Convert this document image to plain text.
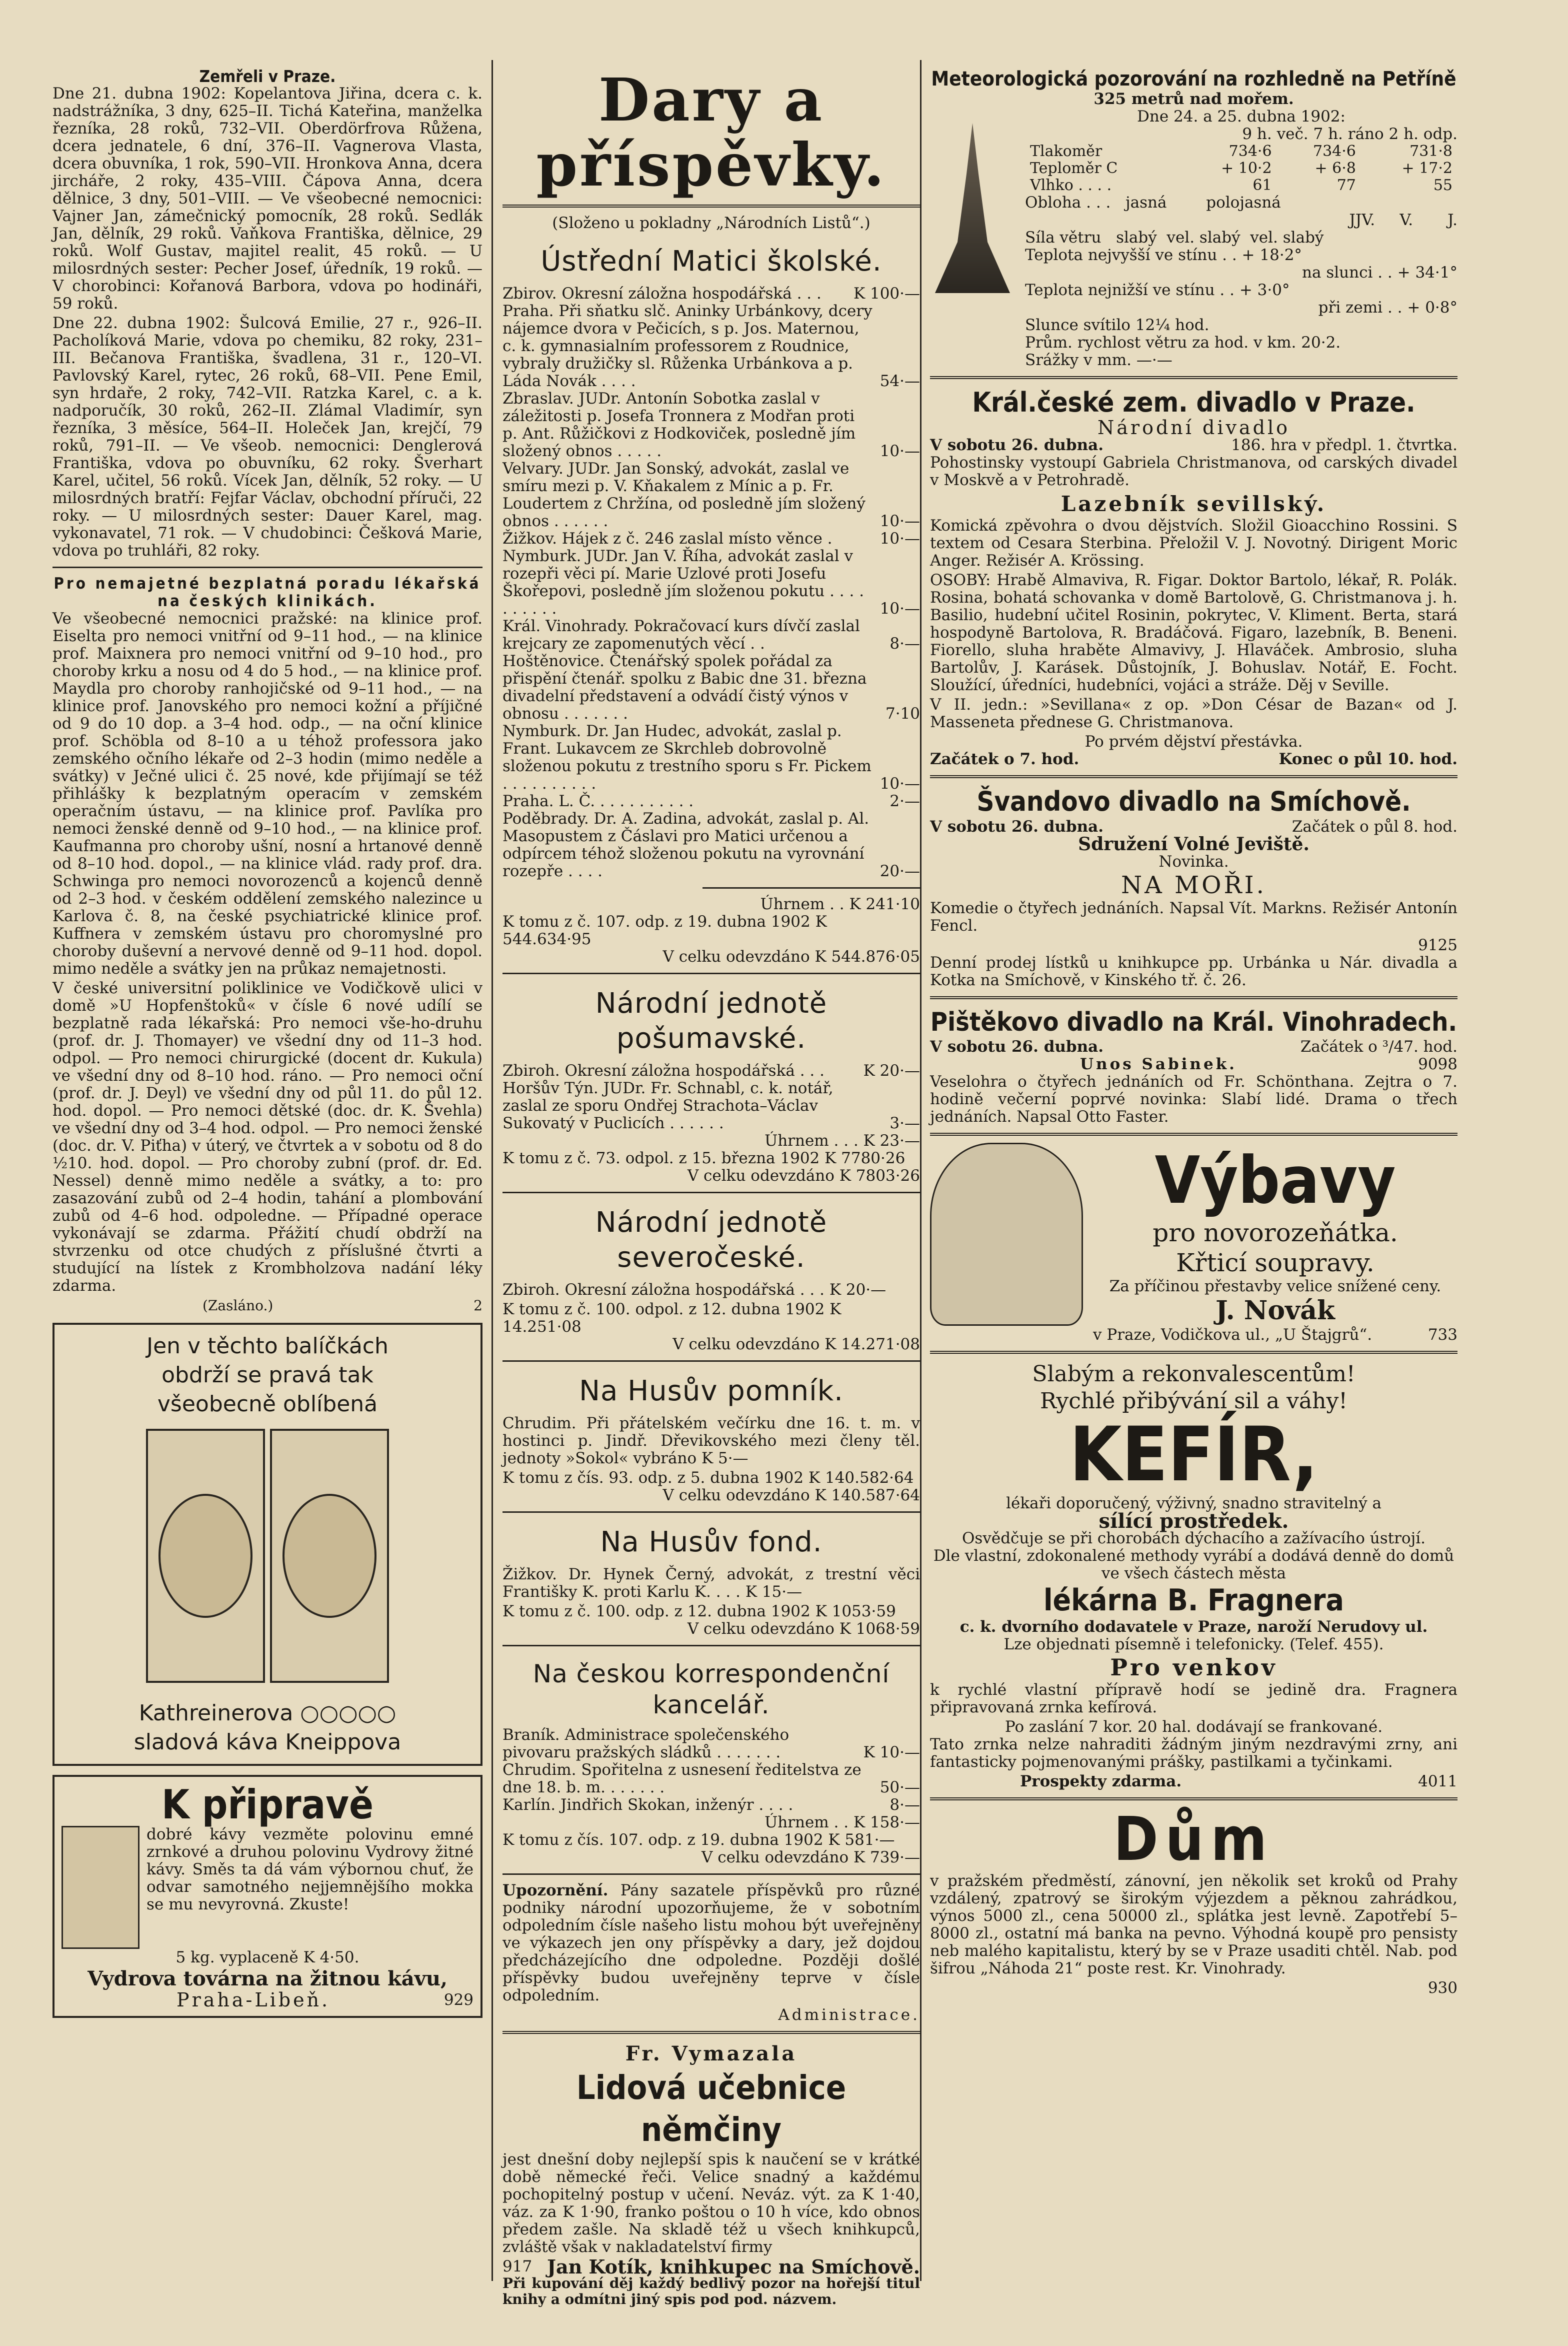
Zemřeli v Praze.

Dne 21. dubna 1902: Kopelantova Jiřina, dcera c. k. nadstrážníka, 3 dny, 625–II. Tichá Kateřina, manželka řezníka, 28 roků, 732–VII. Oberdörfrova Růžena, dcera jednatele, 6 dní, 376–II. Vagnerova Vlasta, dcera obuvníka, 1 rok, 590–VII. Hronkova Anna, dcera jircháře, 2 roky, 435–VIII. Čápova Anna, dcera dělnice, 3 dny, 501–VIII. — Ve všeobecné nemocnici: Vajner Jan, zámečnický pomocník, 28 roků. Sedlák Jan, dělník, 29 roků. Vaňkova Františka, dělnice, 29 roků. Wolf Gustav, majitel realit, 45 roků. — U milosrdných sester: Pecher Josef, úředník, 19 roků. — V chorobinci: Kořanová Barbora, vdova po hodináři, 59 roků.

Dne 22. dubna 1902: Šulcová Emilie, 27 r., 926–II. Pacholíková Marie, vdova po chemiku, 82 roky, 231–III. Bečanova Františka, švadlena, 31 r., 120–VI. Pavlovský Karel, rytec, 26 roků, 68–VII. Pene Emil, syn hrdaře, 2 roky, 742–VII. Ratzka Karel, c. a k. nadporučík, 30 roků, 262–II. Zlámal Vladimír, syn řezníka, 3 měsíce, 564–II. Holeček Jan, krejčí, 79 roků, 791–II. — Ve všeob. nemocnici: Denglerová Františka, vdova po obuvníku, 62 roky. Šverhart Karel, učitel, 56 roků. Vícek Jan, dělník, 52 roky. — U milosrdných bratří: Fejfar Václav, obchodní příruči, 22 roky. — U milosrdných sester: Dauer Karel, mag. vykonavatel, 71 rok. — V chudobinci: Češková Marie, vdova po truhláři, 82 roky.

Pro nemajetné bezplatná poradu lékařská na českých klinikách.

Ve všeobecné nemocnici pražské: na klinice prof. Eiselta pro nemoci vnitřní od 9–11 hod., — na klinice prof. Maixnera pro nemoci vnitřní od 9–10 hod., pro choroby krku a nosu od 4 do 5 hod., — na klinice prof. Maydla pro choroby ranhojičské od 9–11 hod., — na klinice prof. Janovského pro nemoci kožní a příjičné od 9 do 10 dop. a 3–4 hod. odp., — na oční klinice prof. Schöbla od 8–10 a u téhož professora jako zemského očního lékaře od 2–3 hodin (mimo neděle a svátky) v Ječné ulici č. 25 nové, kde přijímají se též přihlášky k bezplatným operacím v zemském operačním ústavu, — na klinice prof. Pavlíka pro nemoci ženské denně od 9–10 hod., — na klinice prof. Kaufmanna pro choroby ušní, nosní a hrtanové denně od 8–10 hod. dopol., — na klinice vlád. rady prof. dra. Schwinga pro nemoci novorozenců a kojenců denně od 2–3 hod. v českém oddělení zemského nalezince u Karlova č. 8, na české psychiatrické klinice prof. Kuffnera v zemském ústavu pro choromyslné pro choroby duševní a nervové denně od 9–11 hod. dopol. mimo neděle a svátky jen na průkaz nemajetnosti.

V české universitní poliklinice ve Vodičkově ulici v domě »U Hopfenštoků« v čísle 6 nové udílí se bezplatně rada lékařská: Pro nemoci vše-ho-druhu (prof. dr. J. Thomayer) ve všední dny od 11–3 hod. odpol. — Pro nemoci chirurgické (docent dr. Kukula) ve všední dny od 8–10 hod. ráno. — Pro nemoci oční (prof. dr. J. Deyl) ve všední dny od půl 11. do půl 12. hod. dopol. — Pro nemoci dětské (doc. dr. K. Švehla) ve všední dny od 3–4 hod. odpol. — Pro nemoci ženské (doc. dr. V. Piťha) v úterý, ve čtvrtek a v sobotu od 8 do ½10. hod. dopol. — Pro choroby zubní (prof. dr. Ed. Nessel) denně mimo neděle a svátky, a to: pro zasazování zubů od 2–4 hodin, tahání a plombování zubů od 4–6 hod. odpoledne. — Případné operace vykonávají se zdarma. Přážití chudí obdrží na stvrzenku od otce chudých z příslušné čtvrti a studující na lístek z Krombholzova nadání léky zdarma.

(Zasláno.)	2
Jen v těchto balíčkách
obdrží se pravá tak
všeobecně oblíbená
Kathreinerova ○○○○○
sladová káva Kneippova
K připravě

dobré kávy vezměte polovinu emné zrnkové a druhou polovinu Vydrovy žitné kávy. Směs ta dá vám výbornou chuť, že odvar samotného nejjemnějšího mokka se mu nevyrovná. Zkuste!

5 kg. vyplaceně K 4·50.
Vydrova továrna na žitnou kávu,
Praha-Libeň.	929
Dary a příspěvky.
(Složeno u pokladny „Národních Listů“.)
Ústřední Matici školské.
Zbirov. Okresní záložna hospodářská . . .	K 100·—
Praha. Při sňatku slč. Aninky Urbánkovy, dcery nájemce dvora v Pečicích, s p. Jos. Maternou, c. k. gymnasialním professorem z Roudnice, vybraly družičky sl. Růženka Urbánkova a p. Láda Novák . . . .	54·—
Zbraslav. JUDr. Antonín Sobotka zaslal v záležitosti p. Josefa Tronnera z Modřan proti p. Ant. Růžičkovi z Hodkoviček, posledně jím složený obnos . . . . .	10·—
Velvary. JUDr. Jan Sonský, advokát, zaslal ve smíru mezi p. V. Kňakalem z Mínic a p. Fr. Loudertem z Chržína, od posledně jím složený obnos . . . . . .	10·—
Žižkov. Hájek z č. 246 zaslal místo věnce .	10·—
Nymburk. JUDr. Jan V. Říha, advokát zaslal v rozepři věci pí. Marie Uzlové proti Josefu Škořepovi, posledně jím složenou pokutu . . . . . . . . . .	10·—
Král. Vinohrady. Pokračovací kurs dívčí zaslal krejcary ze zapomenutých věcí . .	8·—
Hoštěnovice. Čtenářský spolek pořádal za přispění čtenář. spolku z Babic dne 31. března divadelní představení a odvádí čistý výnos v obnosu . . . . . . .	7·10
Nymburk. Dr. Jan Hudec, advokát, zaslal p. Frant. Lukavcem ze Skrchleb dobrovolně složenou pokutu z trestního sporu s Fr. Pickem . . . . . . . . . .	10·—
Praha. L. Č. . . . . . . . . . .	2·—
Poděbrady. Dr. A. Zadina, advokát, zaslal p. Al. Masopustem z Čáslavi pro Matici určenou a odpírcem téhož složenou pokutu na vyrovnání rozepře . . . .	20·—
Úhrnem . . K 241·10
K tomu z č. 107. odp. z 19. dubna 1902 K 544.634·95
V celku odevzdáno K 544.876·05
Národní jednotě pošumavské.
Zbiroh. Okresní záložna hospodářská . . .	K 20·—
Horšův Týn. JUDr. Fr. Schnabl, c. k. notář, zaslal ze sporu Ondřej Strachota–Václav Sukovatý v Puclicích . . . . . .	3·—
Úhrnem . . . K 23·—
K tomu z č. 73. odpol. z 15. března 1902 K 7780·26
V celku odevzdáno K 7803·26
Národní jednotě severočeské.

Zbiroh. Okresní záložna hospodářská . . . K 20·—

K tomu z č. 100. odpol. z 12. dubna 1902 K 14.251·08
V celku odevzdáno K 14.271·08
Na Husův pomník.

Chrudim. Při přátelském večírku dne 16. t. m. v hostinci p. Jindř. Dřevikovského mezi členy těl. jednoty »Sokol« vybráno K 5·—

K tomu z čís. 93. odp. z 5. dubna 1902 K 140.582·64
V celku odevzdáno K 140.587·64
Na Husův fond.

Žižkov. Dr. Hynek Černý, advokát, z trestní věci Františky K. proti Karlu K. . . . K 15·—

K tomu z č. 100. odp. z 12. dubna 1902 K 1053·59
V celku odevzdáno K 1068·59
Na českou korrespondenční kancelář.
Braník. Administrace společenského pivovaru pražských sládků . . . . . . .	K 10·—
Chrudim. Spořitelna z usnesení ředitelstva ze dne 18. b. m. . . . . . .	50·—
Karlín. Jindřich Skokan, inženýr . . . .	8·—
Úhrnem . . K 158·—
K tomu z čís. 107. odp. z 19. dubna 1902 K 581·—
V celku odevzdáno K 739·—

Upozornění. Pány sazatele příspěvků pro různé podniky národní upozorňujeme, že v sobotním odpoledním čísle našeho listu mohou být uveřejněny ve výkazech jen ony příspěvky a dary, jež dojdou předcházejícího dne odpoledne. Později došlé příspěvky budou uveřejněny teprve v čísle odpoledním.

Administrace.
Fr. Vymazala
Lidová učebnice němčiny

jest dnešní doby nejlepší spis k naučení se v krátké době německé řeči. Velice snadný a každému pochopitelný postup v učení. Neváz. výt. za K 1·40, váz. za K 1·90, franko poštou o 10 h více, kdo obnos předem zašle. Na skladě též u všech knihkupců, zvláště však v nakladatelství firmy

917 Jan Kotík, knihkupec na Smíchově.

Při kupování děj každý bedlivý pozor na hořejší titul knihy a odmítni jiný spis pod pod. názvem.

Meteorologická pozorování na rozhledně na Petříně
325 metrů nad mořem.
Dne 24. a 25. dubna 1902:
9 h. več. 7 h. ráno 2 h. odp.
Tlakoměr	734·6	734·6	731·8
Teploměr C	+ 10·2	+ 6·8	+ 17·2
Vlhko . . . .	61	77	55
Obloha . . .   jasná        polojasná
JJV.     V.       J.
Síla větru   slabý  vel. slabý  vel. slabý
Teplota nejvyšší ve stínu . . + 18·2°
na slunci . . + 34·1°
Teplota nejnižší ve stínu . . + 3·0°
při zemi . . + 0·8°
Slunce svítilo 12¼ hod.
Prům. rychlost větru za hod. v km. 20·2.
Srážky v mm. —·—
Král.české zem. divadlo v Praze.
Národní divadlo
V sobotu 26. dubna.	186. hra v předpl. 1. čtvrtka.

Pohostinsky vystoupí Gabriela Christmanova, od carských divadel v Moskvě a v Petrohradě.

Lazebník sevillský.

Komická zpěvohra o dvou dějstvích. Složil Gioacchino Rossini. S textem od Cesara Sterbina. Přeložil V. J. Novotný. Dirigent Moric Anger. Režisér A. Krössing.

OSOBY: Hrabě Almaviva, R. Figar. Doktor Bartolo, lékař, R. Polák. Rosina, bohatá schovanka v domě Bartolově, G. Christmanova j. h. Basilio, hudební učitel Rosinin, pokrytec, V. Kliment. Berta, stará hospodyně Bartolova, R. Bradáčová. Figaro, lazebník, B. Beneni. Fiorello, sluha hraběte Almavivy, J. Hlaváček. Ambrosio, sluha Bartolův, J. Karásek. Důstojník, J. Bohuslav. Notář, E. Focht. Sloužící, úředníci, hudebníci, vojáci a stráže. Děj v Seville.

V II. jedn.: »Sevillana« z op. »Don César de Bazan« od J. Masseneta přednese G. Christmanova.

Po prvém dějství přestávka.
Začátek o 7. hod.	Konec o půl 10. hod.
Švandovo divadlo na Smíchově.
V sobotu 26. dubna.	Začátek o půl 8. hod.
Sdružení Volné Jeviště.
Novinka.
NA MOŘI.

Komedie o čtyřech jednáních. Napsal Vít. Markns. Režisér Antonín Fencl.

9125

Denní prodej lístků u knihkupce pp. Urbánka u Nár. divadla a Kotka na Smíchově, v Kinského tř. č. 26.

Pištěkovo divadlo na Král. Vinohradech.
V sobotu 26. dubna.	Začátek o ³/47. hod.
Unos Sabinek.	9098

Veselohra o čtyřech jednáních od Fr. Schönthana. Zejtra o 7. hodině večerní poprvé novinka: Slabí lidé. Drama o třech jednáních. Napsal Otto Faster.

Výbavy
pro novorozeňátka.
Křticí soupravy.
Za příčinou přestavby velice snížené ceny.
J. Novák
v Praze, Vodičkova ul., „U Štajgrů“.	733
Slabým a rekonvalescentům!
Rychlé přibývání sil a váhy!
KEFÍR,
lékaři doporučený, výživný, snadno stravitelný a
sílící prostředek.
Osvědčuje se při chorobách dýchacího a zažívacího ústrojí.
Dle vlastní, zdokonalené methody vyrábí a dodává denně do domů ve všech částech města
lékárna B. Fragnera
c. k. dvorního dodavatele v Praze, naroží Nerudovy ul.
Lze objednati písemně i telefonicky. (Telef. 455).
Pro venkov

k rychlé vlastní přípravě hodí se jedině dra. Fragnera připravovaná zrnka kefírová.

Po zaslání 7 kor. 20 hal. dodávají se frankované.

Tato zrnka nelze nahraditi žádným jiným nezdravými zrny, ani fantasticky pojmenovanými prášky, pastilkami a tyčinkami.

Prospekty zdarma.	4011
Dům

v pražském předměstí, zánovní, jen několik set kroků od Prahy vzdálený, zpatrový se širokým výjezdem a pěknou zahrádkou, výnos 5000 zl., cena 50000 zl., splátka jest levně. Zapotřebí 5–8000 zl., ostatní má banka na pevno. Výhodná koupě pro pensisty neb malého kapitalistu, který by se v Praze usaditi chtěl. Nab. pod šifrou „Náhoda 21“ poste rest. Kr. Vinohrady.

930
